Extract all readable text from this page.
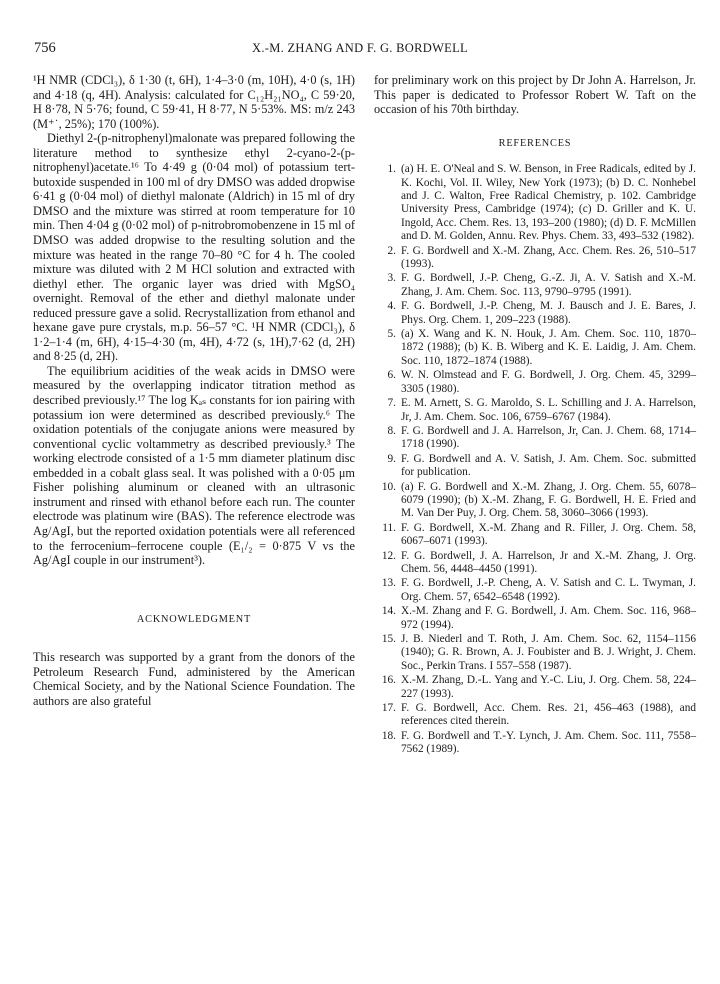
756	X.-M. ZHANG AND F. G. BORDWELL

¹H NMR (CDCl₃), δ 1·30 (t, 6H), 1·4–3·0 (m, 10H), 4·0 (s, 1H) and 4·18 (q, 4H). Analysis: calculated for C₁₂H₂₁NO₄, C 59·20, H 8·78, N 5·76; found, C 59·41, H 8·77, N 5·53%. MS: m/z 243 (M⁺˙, 25%); 170 (100%).

Diethyl 2-(p-nitrophenyl)malonate was prepared following the literature method to synthesize ethyl 2-cyano-2-(p-nitrophenyl)acetate.¹⁶ To 4·49 g (0·04 mol) of potassium tert-butoxide suspended in 100 ml of dry DMSO was added dropwise 6·41 g (0·04 mol) of diethyl malonate (Aldrich) in 15 ml of dry DMSO and the mixture was stirred at room temperature for 10 min. Then 4·04 g (0·02 mol) of p-nitrobromobenzene in 15 ml of DMSO was added dropwise to the resulting solution and the mixture was heated in the range 70–80 °C for 4 h. The cooled mixture was diluted with 2 M HCl solution and extracted with diethyl ether. The organic layer was dried with MgSO₄ overnight. Removal of the ether and diethyl malonate under reduced pressure gave a solid. Recrystallization from ethanol and hexane gave pure crystals, m.p. 56–57 °C. ¹H NMR (CDCl₃), δ 1·2–1·4 (m, 6H), 4·15–4·30 (m, 4H), 4·72 (s, 1H),7·62 (d, 2H) and 8·25 (d, 2H).

The equilibrium acidities of the weak acids in DMSO were measured by the overlapping indicator titration method as described previously.¹⁷ The log Kₐₛ constants for ion pairing with potassium ion were determined as described previously.⁶ The oxidation potentials of the conjugate anions were measured by conventional cyclic voltammetry as described previously.³ The working electrode consisted of a 1·5 mm diameter platinum disc embedded in a cobalt glass seal. It was polished with a 0·05 μm Fisher polishing aluminum or cleaned with an ultrasonic instrument and rinsed with ethanol before each run. The counter electrode was platinum wire (BAS). The reference electrode was Ag/AgI, but the reported oxidation potentials were all referenced to the ferrocenium–ferrocene couple (E₁/₂ = 0·875 V vs the Ag/AgI couple in our instrument³).

ACKNOWLEDGMENT

This research was supported by a grant from the donors of the Petroleum Research Fund, administered by the American Chemical Society, and by the National Science Foundation. The authors are also grateful

for preliminary work on this project by Dr John A. Harrelson, Jr. This paper is dedicated to Professor Robert W. Taft on the occasion of his 70th birthday.

REFERENCES

1. (a) H. E. O'Neal and S. W. Benson, in Free Radicals, edited by J. K. Kochi, Vol. II. Wiley, New York (1973); (b) D. C. Nonhebel and J. C. Walton, Free Radical Chemistry, p. 102. Cambridge University Press, Cambridge (1974); (c) D. Griller and K. U. Ingold, Acc. Chem. Res. 13, 193–200 (1980); (d) D. F. McMillen and D. M. Golden, Annu. Rev. Phys. Chem. 33, 493–532 (1982).
2. F. G. Bordwell and X.-M. Zhang, Acc. Chem. Res. 26, 510–517 (1993).
3. F. G. Bordwell, J.-P. Cheng, G.-Z. Ji, A. V. Satish and X.-M. Zhang, J. Am. Chem. Soc. 113, 9790–9795 (1991).
4. F. G. Bordwell, J.-P. Cheng, M. J. Bausch and J. E. Bares, J. Phys. Org. Chem. 1, 209–223 (1988).
5. (a) X. Wang and K. N. Houk, J. Am. Chem. Soc. 110, 1870–1872 (1988); (b) K. B. Wiberg and K. E. Laidig, J. Am. Chem. Soc. 110, 1872–1874 (1988).
6. W. N. Olmstead and F. G. Bordwell, J. Org. Chem. 45, 3299–3305 (1980).
7. E. M. Arnett, S. G. Maroldo, S. L. Schilling and J. A. Harrelson, Jr, J. Am. Chem. Soc. 106, 6759–6767 (1984).
8. F. G. Bordwell and J. A. Harrelson, Jr, Can. J. Chem. 68, 1714–1718 (1990).
9. F. G. Bordwell and A. V. Satish, J. Am. Chem. Soc. submitted for publication.
10. (a) F. G. Bordwell and X.-M. Zhang, J. Org. Chem. 55, 6078–6079 (1990); (b) X.-M. Zhang, F. G. Bordwell, H. E. Fried and M. Van Der Puy, J. Org. Chem. 58, 3060–3066 (1993).
11. F. G. Bordwell, X.-M. Zhang and R. Filler, J. Org. Chem. 58, 6067–6071 (1993).
12. F. G. Bordwell, J. A. Harrelson, Jr and X.-M. Zhang, J. Org. Chem. 56, 4448–4450 (1991).
13. F. G. Bordwell, J.-P. Cheng, A. V. Satish and C. L. Twyman, J. Org. Chem. 57, 6542–6548 (1992).
14. X.-M. Zhang and F. G. Bordwell, J. Am. Chem. Soc. 116, 968–972 (1994).
15. J. B. Niederl and T. Roth, J. Am. Chem. Soc. 62, 1154–1156 (1940); G. R. Brown, A. J. Foubister and B. J. Wright, J. Chem. Soc., Perkin Trans. I 557–558 (1987).
16. X.-M. Zhang, D.-L. Yang and Y.-C. Liu, J. Org. Chem. 58, 224–227 (1993).
17. F. G. Bordwell, Acc. Chem. Res. 21, 456–463 (1988), and references cited therein.
18. F. G. Bordwell and T.-Y. Lynch, J. Am. Chem. Soc. 111, 7558–7562 (1989).
